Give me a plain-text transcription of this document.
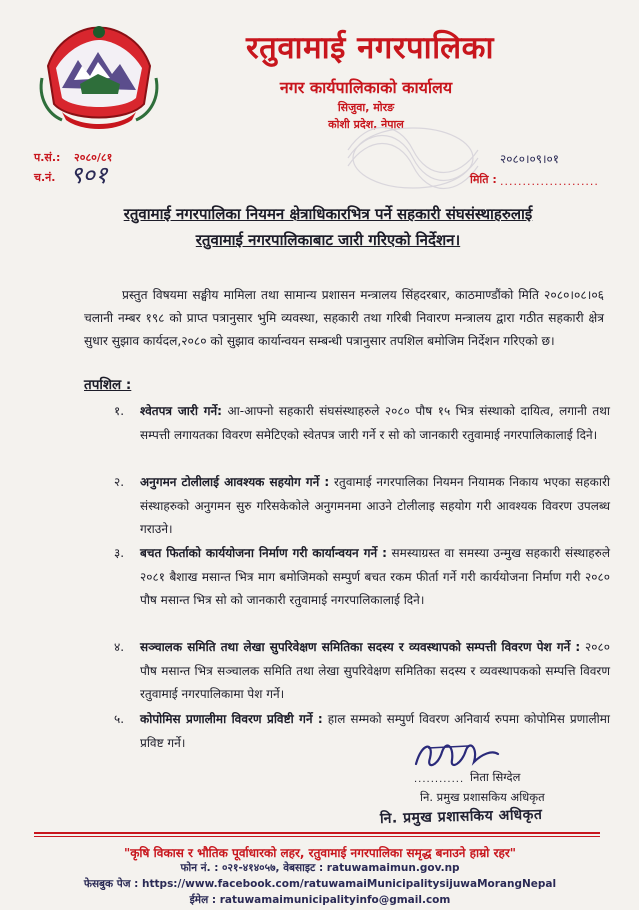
रतुवामाई नगरपालिका
नगर कार्यपालिकाको कार्यालय
सिजुवा, मोरङ
कोशी प्रदेश, नेपाल
प.सं.: २०८०/८१
च.नं. ९०१
२०८०।०९।०१
मिति : ......................
रतुवामाई नगरपालिका नियमन क्षेत्राधिकारभित्र पर्ने सहकारी संघसंस्थाहरुलाई
रतुवामाई नगरपालिकाबाट जारी गरिएको निर्देशन।
प्रस्तुत विषयमा सङ्घीय मामिला तथा सामान्य प्रशासन मन्त्रालय सिंहदरबार, काठमाण्डौंको मिति २०८०।०८।०६ चलानी नम्बर १९८ को प्राप्त पत्रानुसार भुमि व्यवस्था, सहकारी तथा गरिबी निवारण मन्त्रालय द्वारा गठीत सहकारी क्षेत्र सुधार सुझाव कार्यदल,२०८० को सुझाव कार्यान्वयन सम्बन्धी पत्रानुसार तपशिल बमोजिम निर्देशन गरिएको छ।
तपशिल :
१. श्वेतपत्र जारी गर्ने: आ-आफ्नो सहकारी संघसंस्थाहरुले २०८० पौष १५ भित्र संस्थाको दायित्व, लगानी तथा सम्पत्ती लगायतका विवरण समेटिएको स्वेतपत्र जारी गर्ने र सो को जानकारी रतुवामाई नगरपालिकालाई दिने।
२. अनुगमन टोलीलाई आवश्यक सहयोग गर्ने : रतुवामाई नगरपालिका नियमन नियामक निकाय भएका सहकारी संस्थाहरुको अनुगमन सुरु गरिसकेकोले अनुगमनमा आउने टोलीलाइ सहयोग गरी आवश्यक विवरण उपलब्ध गराउने।
३. बचत फिर्ताको कार्ययोजना निर्माण गरी कार्यान्वयन गर्ने : समस्याग्रस्त वा समस्या उन्मुख सहकारी संस्थाहरुले २०८१ बैशाख मसान्त भित्र माग बमोजिमको सम्पुर्ण बचत रकम फीर्ता गर्ने गरी कार्ययोजना निर्माण गरी २०८० पौष मसान्त भित्र सो को जानकारी रतुवामाई नगरपालिकालाई दिने।
४. सञ्चालक समिति तथा लेखा सुपरिवेक्षण समितिका सदस्य र व्यवस्थापको सम्पत्ती विवरण पेश गर्ने : २०८० पौष मसान्त भित्र सञ्चालक समिति तथा लेखा सुपरिवेक्षण समितिका सदस्य र व्यवस्थापकको सम्पत्ति विवरण रतुवामाई नगरपालिकामा पेश गर्ने।
५. कोपोमिस प्रणालीमा विवरण प्रविष्टी गर्ने : हाल सम्मको सम्पुर्ण विवरण अनिवार्य रुपमा कोपोमिस प्रणालीमा प्रविष्ट गर्ने।
............ निता सिग्देल
नि. प्रमुख प्रशासकिय अधिकृत
नि. प्रमुख प्रशासकिय अधिकृत
"कृषि विकास र भौतिक पूर्वाधारको लहर, रतुवामाई नगरपालिका समृद्ध बनाउने हाम्रो रहर"
फोन नं. : ०२१-४१४०५७, वेबसाइट : ratuwamaimun.gov.np
फेसबुक पेज : https://www.facebook.com/ratuwamaiMunicipalitysijuwaMorangNepal
ईमेल : ratuwamaimunicipalityinfo@gmail.com
